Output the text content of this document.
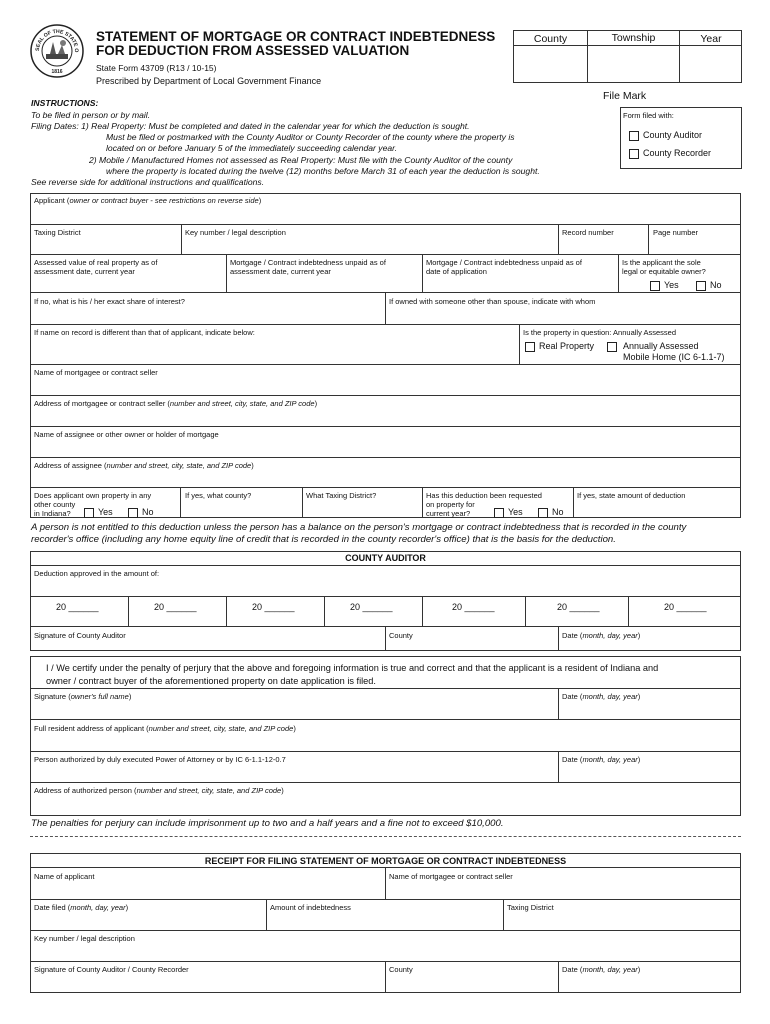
SEAL OF THE STATE O
1816
STATEMENT OF MORTGAGE OR CONTRACT INDEBTEDNESS
FOR DEDUCTION FROM ASSESSED VALUATION
State Form 43709 (R13 / 10-15)
Prescribed by Department of Local Government Finance
County	Township	Year
File Mark
Form filed with:
County Auditor
County Recorder
INSTRUCTIONS:
To be filed in person or by mail.
Filing Dates: 1) Real Property: Must be completed and dated in the calendar year for which the deduction is sought.
Must be filed or postmarked with the County Auditor or County Recorder of the county where the property is
located on or before January 5 of the immediately succeeding calendar year.
2) Mobile / Manufactured Homes not assessed as Real Property: Must file with the County Auditor of the county
where the property is located during the twelve (12) months before March 31 of each year the deduction is sought.
See reverse side for additional instructions and qualifications.
Applicant (owner or contract buyer - see restrictions on reverse side)
Taxing District	Key number / legal description	Record number	Page number
Assessed value of real property as of
assessment date, current year
Mortgage / Contract indebtedness unpaid as of
assessment date, current year
Mortgage / Contract indebtedness unpaid as of
date of application
Is the applicant the sole
legal or equitable owner?
Yes	No
If no, what is his / her exact share of interest?	If owned with someone other than spouse, indicate with whom
If name on record is different than that of applicant, indicate below:	Is the property in question: Annually Assessed
Real Property	Annually Assessed
Mobile Home (IC 6-1.1-7)
Name of mortgagee or contract seller
Address of mortgagee or contract seller (number and street, city, state, and ZIP code)
Name of assignee or other owner or holder of mortgage
Address of assignee (number and street, city, state, and ZIP code)
Does applicant own property in any
other county
in Indiana?	Yes	No
If yes, what county?	What Taxing District?	Has this deduction been requested
on property for
current year?	Yes	No
If yes, state amount of deduction
A person is not entitled to this deduction unless the person has a balance on the person's mortgage or contract indebtedness that is recorded in the county
recorder's office (including any home equity line of credit that is recorded in the county recorder's office) that is the basis for the deduction.
COUNTY AUDITOR
Deduction approved in the amount of:
20 ______	20 ______	20 ______	20 ______	20 ______	20 ______	20 ______
Signature of County Auditor	County	Date (month, day, year)
I / We certify under the penalty of perjury that the above and foregoing information is true and correct and that the applicant is a resident of Indiana and
owner / contract buyer of the aforementioned property on date application is filed.
Signature (owner's full name)	Date (month, day, year)
Full resident address of applicant (number and street, city, state, and ZIP code)
Person authorized by duly executed Power of Attorney or by IC 6-1.1-12-0.7	Date (month, day, year)
Address of authorized person (number and street, city, state, and ZIP code)
The penalties for perjury can include imprisonment up to two and a half years and a fine not to exceed $10,000.
RECEIPT FOR FILING STATEMENT OF MORTGAGE OR CONTRACT INDEBTEDNESS
Name of applicant	Name of mortgagee or contract seller
Date filed (month, day, year)	Amount of indebtedness	Taxing District
Key number / legal description
Signature of County Auditor / County Recorder	County	Date (month, day, year)
